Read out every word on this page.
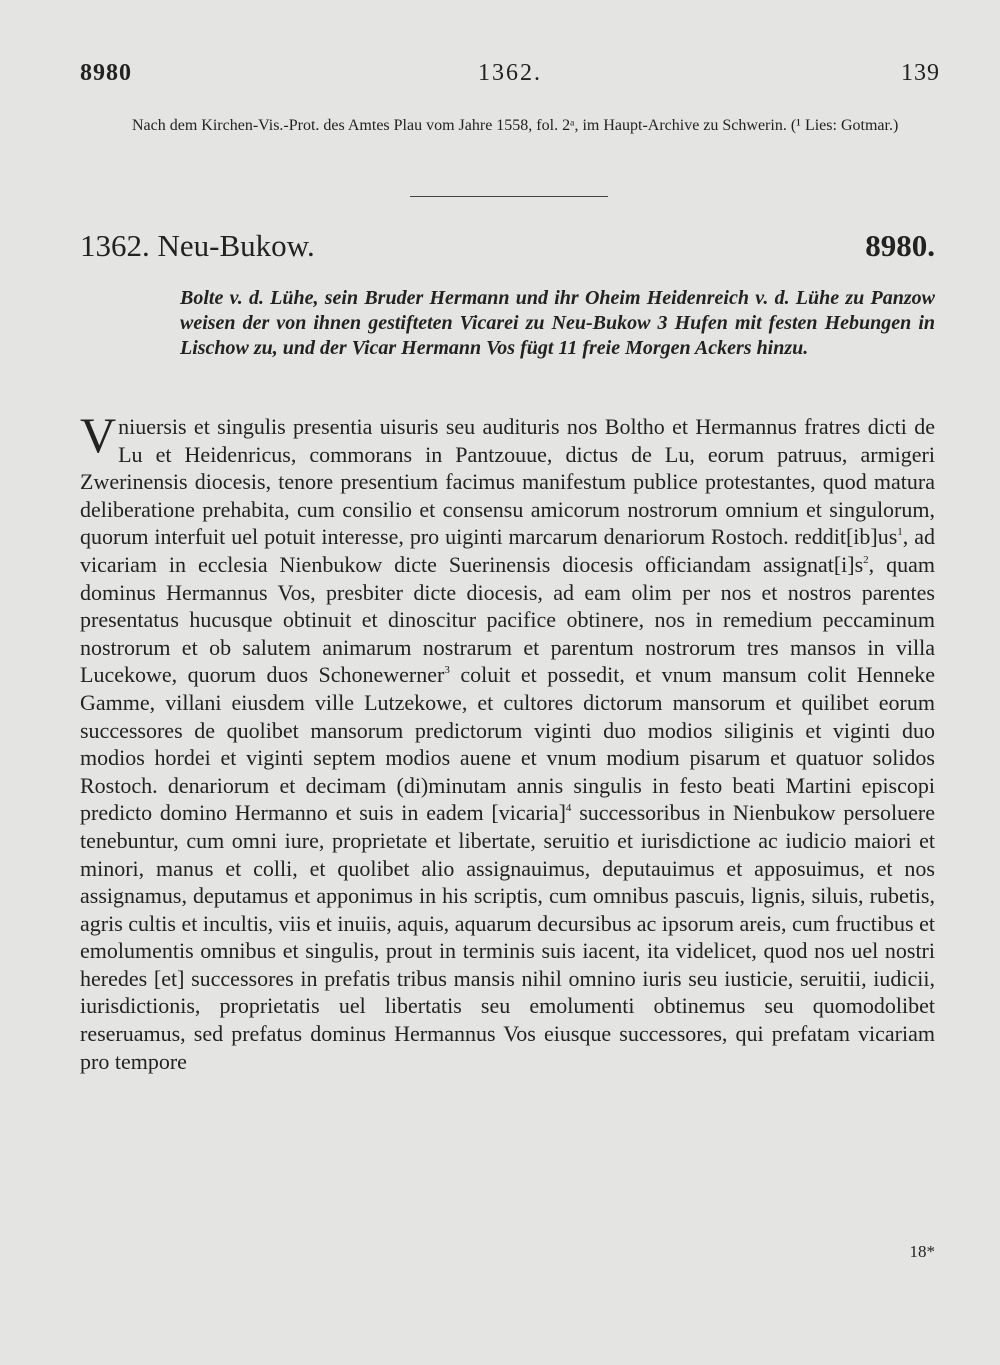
8980	1362.	139
Nach dem Kirchen-Vis.-Prot. des Amtes Plau vom Jahre 1558, fol. 2ᵃ, im Haupt-Archive zu Schwerin. (¹ Lies: Gotmar.)
1362. Neu-Bukow.	8980.
Bolte v. d. Lühe, sein Bruder Hermann und ihr Oheim Heidenreich v. d. Lühe zu Panzow weisen der von ihnen gestifteten Vicarei zu Neu-Bukow 3 Hufen mit festen Hebungen in Lischow zu, und der Vicar Hermann Vos fügt 11 freie Morgen Ackers hinzu.
Vniuersis et singulis presentia uisuris seu audituris nos Boltho et Hermannus fratres dicti de Lu et Heidenricus, commorans in Pantzouue, dictus de Lu, eorum patruus, armigeri Zwerinensis diocesis, tenore presentium facimus manifestum publice protestantes, quod matura deliberatione prehabita, cum consilio et consensu amicorum nostrorum omnium et singulorum, quorum interfuit uel potuit interesse, pro uiginti marcarum denariorum Rostoch. $reddit[ib]us^1$, ad vicariam in ecclesia Nienbukow dicte Suerinensis diocesis officiandam $assignat[i]s^2$, quam dominus Hermannus Vos, presbiter dicte diocesis, ad eam olim per nos et nostros parentes presentatus hucusque obtinuit et dinoscitur pacifice obtinere, nos in remedium peccaminum nostrorum et ob salutem animarum nostrarum et parentum nostrorum tres mansos in villa Lucekowe, quorum duos Schonewerner$^3$ coluit et possedit, et vnum mansum colit Henneke Gamme, villani eiusdem ville Lutzekowe, et cultores dictorum mansorum et quilibet eorum successores de quolibet mansorum predictorum viginti duo modios siliginis et viginti duo modios hordei et viginti septem modios auene et vnum modium pisarum et quatuor solidos Rostoch. denariorum et decimam (di)minutam annis singulis in festo beati Martini episcopi predicto domino Hermanno et suis in eadem [vicaria]$^4$ successoribus in Nienbukow persoluere tenebuntur, cum omni iure, proprietate et libertate, seruitio et iurisdictione ac iudicio maiori et minori, manus et colli, et quolibet alio assignauimus, deputauimus et apposuimus, et nos assignamus, deputamus et apponimus in his scriptis, cum omnibus pascuis, lignis, siluis, rubetis, agris cultis et incultis, viis et inuiis, aquis, aquarum decursibus ac ipsorum areis, cum fructibus et emolumentis omnibus et singulis, prout in terminis suis iacent, ita videlicet, quod nos uel nostri heredes [et] successores in prefatis tribus mansis nihil omnino iuris seu iusticie, seruitii, iudicii, iurisdictionis, proprietatis uel libertatis seu emolumenti obtinemus seu quomodolibet reseruamus, sed prefatus dominus Hermannus Vos eiusque successores, qui prefatam vicariam pro tempore
18*
